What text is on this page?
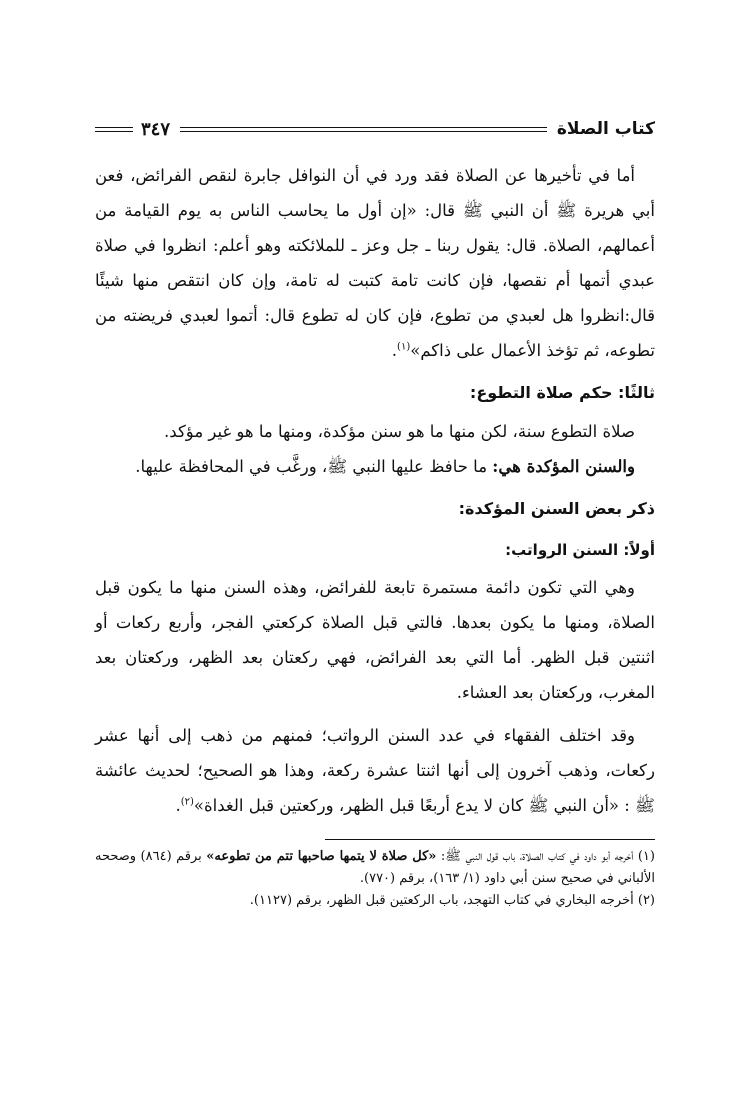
كتاب الصلاة
٣٤٧

أما في تأخيرها عن الصلاة فقد ورد في أن النوافل جابرة لنقص الفرائض، فعن أبي هريرة ﷺ أن النبي ﷺ قال: «إن أول ما يحاسب الناس به يوم القيامة من أعمالهم، الصلاة. قال: يقول ربنا ـ جل وعز ـ للملائكته وهو أعلم: انظروا في صلاة عبدي أتمها أم نقصها، فإن كانت تامة كتبت له تامة، وإن كان انتقص منها شيئًا قال:انظروا هل لعبدي من تطوع، فإن كان له تطوع قال: أتموا لعبدي فريضته من تطوعه، ثم تؤخذ الأعمال على ذاكم»$^{(١)}$.

ثالثًا: حكم صلاة التطوع:

صلاة التطوع سنة، لكن منها ما هو سنن مؤكدة، ومنها ما هو غير مؤكد.

والسنن المؤكدة هي: ما حافظ عليها النبي ﷺ، ورغَّب في المحافظة عليها.

ذكر بعض السنن المؤكدة:
أولاً: السنن الرواتب:

وهي التي تكون دائمة مستمرة تابعة للفرائض، وهذه السنن منها ما يكون قبل الصلاة، ومنها ما يكون بعدها. فالتي قبل الصلاة كركعتي الفجر، وأربع ركعات أو اثنتين قبل الظهر. أما التي بعد الفرائض، فهي ركعتان بعد الظهر، وركعتان بعد المغرب، وركعتان بعد العشاء.

وقد اختلف الفقهاء في عدد السنن الرواتب؛ فمنهم من ذهب إلى أنها عشر ركعات، وذهب آخرون إلى أنها اثنتا عشرة ركعة، وهذا هو الصحيح؛ لحديث عائشة ﷺ : «أن النبي ﷺ كان لا يدع أربعًا قبل الظهر، وركعتين قبل الغداة»$^{(٢)}$.

(١) أخرجه أبو داود في كتاب الصلاة، باب قول النبي ﷺ: «كل صلاة لا يتمها صاحبها تتم من تطوعه» برقم (٨٦٤) وصححه الألباني في صحيح سنن أبي داود (١/ ١٦٣)، برقم (٧٧٠).

(٢) أخرجه البخاري في كتاب التهجد، باب الركعتين قبل الظهر، برقم (١١٢٧).
